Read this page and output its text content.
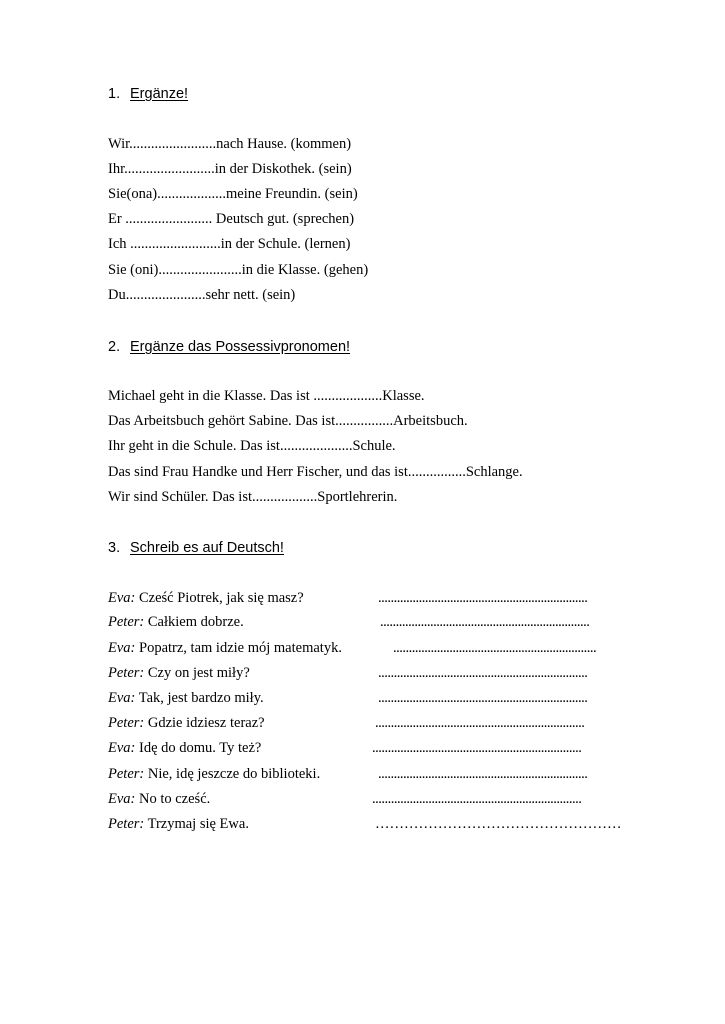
1. Ergänze!
Wir........................nach Hause. (kommen)
Ihr.........................in der Diskothek. (sein)
Sie(ona)...................meine Freundin. (sein)
Er ........................ Deutsch gut. (sprechen)
Ich .........................in der Schule. (lernen)
Sie (oni).......................in die Klasse. (gehen)
Du......................sehr nett. (sein)
2. Ergänze das Possessivpronomen!
Michael geht in die Klasse. Das ist ...................Klasse.
Das Arbeitsbuch gehört Sabine. Das ist................Arbeitsbuch.
Ihr geht in die Schule. Das ist....................Schule.
Das sind Frau Handke und Herr Fischer, und das ist................Schlange.
Wir sind Schüler. Das ist..................Sportlehrerin.
3. Schreib es auf Deutsch!
Eva: Cześć Piotrek, jak się masz?	...................................................................
Peter: Całkiem dobrze.	...................................................................
Eva: Popatrz, tam idzie mój matematyk.	.................................................................
Peter: Czy on jest miły?	...................................................................
Eva: Tak, jest bardzo miły.	...................................................................
Peter: Gdzie idziesz teraz?	...................................................................
Eva: Idę do domu. Ty też?	...................................................................
Peter: Nie, idę jeszcze do biblioteki.	...................................................................
Eva: No to cześć.	...................................................................
Peter: Trzymaj się Ewa.	……………………………………………
